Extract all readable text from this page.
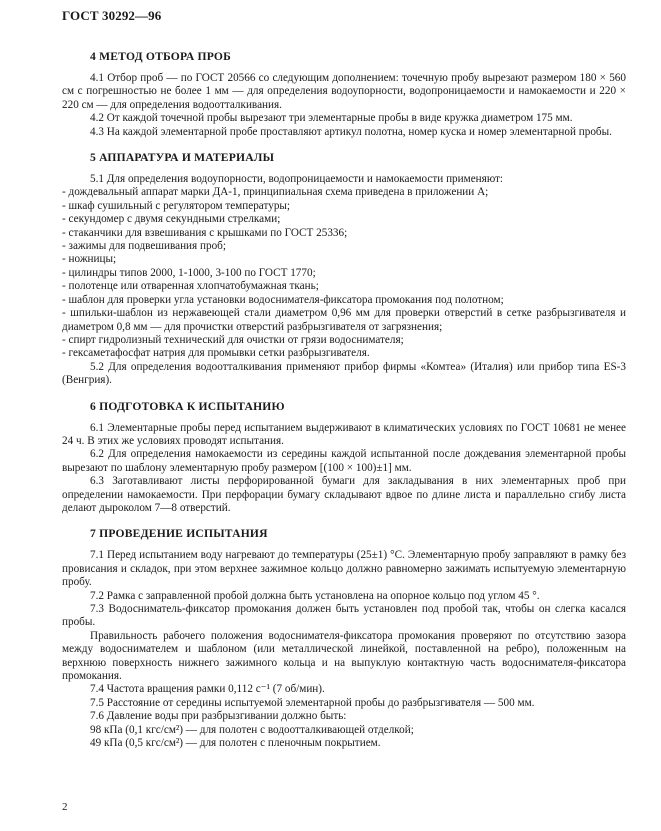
ГОСТ 30292—96
4 МЕТОД ОТБОРА ПРОБ

4.1 Отбор проб — по ГОСТ 20566 со следующим дополнением: точечную пробу вырезают размером 180 × 560 см с погрешностью не более 1 мм — для определения водоупорности, водопроницаемости и намокаемости и 220 × 220 см — для определения водоотталкивания.

4.2 От каждой точечной пробы вырезают три элементарные пробы в виде кружка диаметром 175 мм.

4.3 На каждой элементарной пробе проставляют артикул полотна, номер куска и номер элементарной пробы.

5 АППАРАТУРА И МАТЕРИАЛЫ

5.1 Для определения водоупорности, водопроницаемости и намокаемости применяют:

- дождевальный аппарат марки ДА-1, принципиальная схема приведена в приложении А;

- шкаф сушильный с регулятором температуры;

- секундомер с двумя секундными стрелками;

- стаканчики для взвешивания с крышками по ГОСТ 25336;

- зажимы для подвешивания проб;

- ножницы;

- цилиндры типов 2000, 1-1000, 3-100 по ГОСТ 1770;

- полотенце или отваренная хлопчатобумажная ткань;

- шаблон для проверки угла установки водоснимателя-фиксатора промокания под полотном;

- шпильки-шаблон из нержавеющей стали диаметром 0,96 мм для проверки отверстий в сетке разбрызгивателя и диаметром 0,8 мм — для прочистки отверстий разбрызгивателя от загрязнения;

- спирт гидролизный технический для очистки от грязи водоснимателя;

- гексаметафосфат натрия для промывки сетки разбрызгивателя.

5.2 Для определения водоотталкивания применяют прибор фирмы «Комтеа» (Италия) или прибор типа ES-3 (Венгрия).

6 ПОДГОТОВКА К ИСПЫТАНИЮ

6.1 Элементарные пробы перед испытанием выдерживают в климатических условиях по ГОСТ 10681 не менее 24 ч. В этих же условиях проводят испытания.

6.2 Для определения намокаемости из середины каждой испытанной после дождевания элементарной пробы вырезают по шаблону элементарную пробу размером [(100 × 100)±1] мм.

6.3 Заготавливают листы перфорированной бумаги для закладывания в них элементарных проб при определении намокаемости. При перфорации бумагу складывают вдвое по длине листа и параллельно сгибу листа делают дыроколом 7—8 отверстий.

7 ПРОВЕДЕНИЕ ИСПЫТАНИЯ

7.1 Перед испытанием воду нагревают до температуры (25±1) °С. Элементарную пробу заправляют в рамку без провисания и складок, при этом верхнее зажимное кольцо должно равномерно зажимать испытуемую элементарную пробу.

7.2 Рамка с заправленной пробой должна быть установлена на опорное кольцо под углом 45 °.

7.3 Водосниматель-фиксатор промокания должен быть установлен под пробой так, чтобы он слегка касался пробы.

Правильность рабочего положения водоснимателя-фиксатора промокания проверяют по отсутствию зазора между водоснимателем и шаблоном (или металлической линейкой, поставленной на ребро), положенным на верхнюю поверхность нижнего зажимного кольца и на выпуклую контактную часть водоснимателя-фиксатора промокания.

7.4 Частота вращения рамки 0,112 с⁻¹ (7 об/мин).

7.5 Расстояние от середины испытуемой элементарной пробы до разбрызгивателя — 500 мм.

7.6 Давление воды при разбрызгивании должно быть:

98 кПа (0,1 кгс/см²) — для полотен с водоотталкивающей отделкой;

49 кПа (0,5 кгс/см²) — для полотен с пленочным покрытием.

2
